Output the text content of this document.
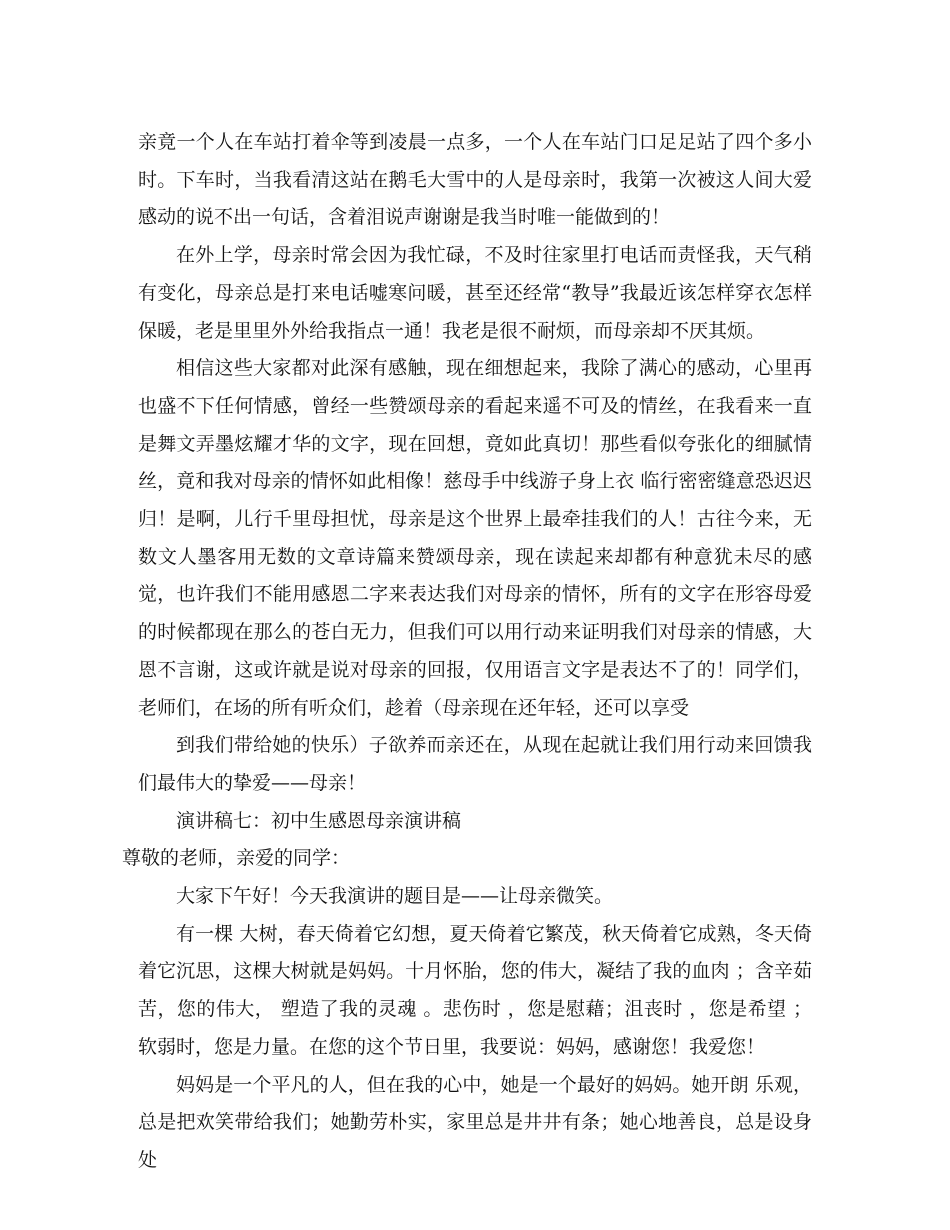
亲竟一个人在车站打着伞等到凌晨一点多，一个人在车站门口足足站了四个多小时。下车时，当我看清这站在鹅毛大雪中的人是母亲时，我第一次被这人间大爱感动的说不出一句话，含着泪说声谢谢是我当时唯一能做到的！

在外上学，母亲时常会因为我忙碌，不及时往家里打电话而责怪我，天气稍有变化，母亲总是打来电话嘘寒问暖，甚至还经常“教导”我最近该怎样穿衣怎样保暖，老是里里外外给我指点一通！我老是很不耐烦，而母亲却不厌其烦。

相信这些大家都对此深有感触，现在细想起来，我除了满心的感动，心里再也盛不下任何情感，曾经一些赞颂母亲的看起来遥不可及的情丝，在我看来一直是舞文弄墨炫耀才华的文字，现在回想，竟如此真切！那些看似夸张化的细腻情丝，竟和我对母亲的情怀如此相像！慈母手中线游子身上衣 临行密密缝意恐迟迟归！是啊，儿行千里母担忧，母亲是这个世界上最牵挂我们的人！古往今来，无数文人墨客用无数的文章诗篇来赞颂母亲，现在读起来却都有种意犹未尽的感觉，也许我们不能用感恩二字来表达我们对母亲的情怀，所有的文字在形容母爱的时候都现在那么的苍白无力，但我们可以用行动来证明我们对母亲的情感，大恩不言谢，这或许就是说对母亲的回报，仅用语言文字是表达不了的！同学们，老师们，在场的所有听众们，趁着（母亲现在还年轻，还可以享受

到我们带给她的快乐）子欲养而亲还在，从现在起就让我们用行动来回馈我们最伟大的挚爱——母亲！

演讲稿七：初中生感恩母亲演讲稿

尊敬的老师，亲爱的同学：

大家下午好！今天我演讲的题目是——让母亲微笑。

有一棵 大树，春天倚着它幻想，夏天倚着它繁茂，秋天倚着它成熟，冬天倚着它沉思，这棵大树就是妈妈。十月怀胎，您的伟大，凝结了我的血肉 ；含辛茹苦，您的伟大， 塑造了我的灵魂 。悲伤时 ，您是慰藉；沮丧时 ，您是希望 ；软弱时，您是力量。在您的这个节日里，我要说：妈妈，感谢您！我爱您！

妈妈是一个平凡的人，但在我的心中，她是一个最好的妈妈。她开朗 乐观，总是把欢笑带给我们；她勤劳朴实，家里总是井井有条；她心地善良，总是设身处
